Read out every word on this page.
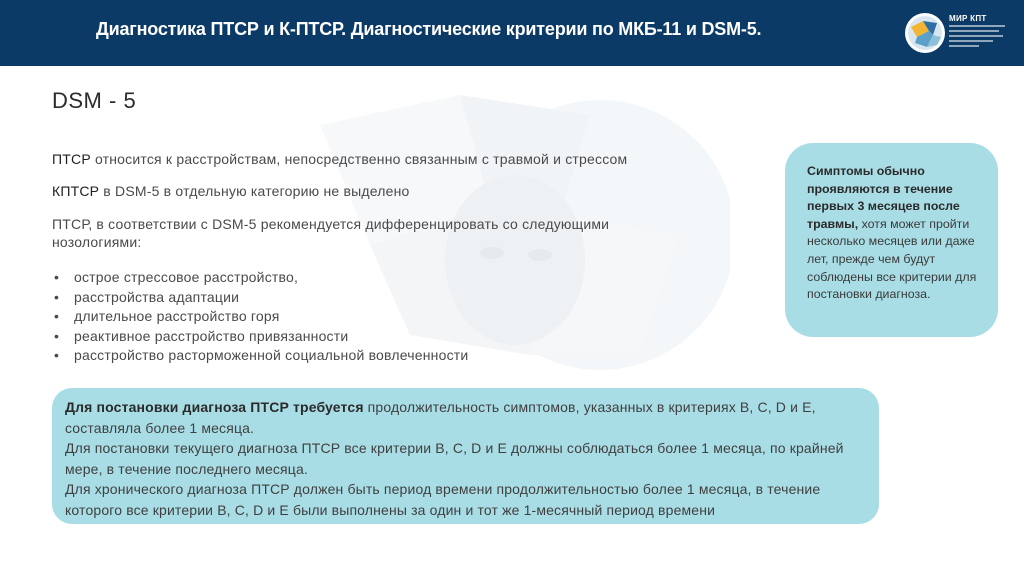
Диагностика ПТСР и К-ПТСР. Диагностические критерии по МКБ-11 и DSM-5.
МИР КПТ
DSM - 5
ПТСР относится к расстройствам, непосредственно связанным с травмой и стрессом
КПТСР в DSM-5 в отдельную категорию не выделено
ПТСР, в соответствии с DSM-5 рекомендуется дифференцировать со следующими нозологиями:
• острое стрессовое расстройство,
• расстройства адаптации
• длительное расстройство горя
• реактивное расстройство привязанности
• расстройство расторможенной социальной вовлеченности
Симптомы обычно проявляются в течение первых 3 месяцев после травмы, хотя может пройти несколько месяцев или даже лет, прежде чем будут соблюдены все критерии для постановки диагноза.
Для постановки диагноза ПТСР требуется продолжительность симптомов, указанных в критериях B, C, D и E, составляла более 1 месяца.
Для постановки текущего диагноза ПТСР все критерии B, C, D и E должны соблюдаться более 1 месяца, по крайней мере, в течение последнего месяца.
Для хронического диагноза ПТСР должен быть период времени продолжительностью более 1 месяца, в течение которого все критерии B, C, D и E были выполнены за один и тот же 1-месячный период времени
